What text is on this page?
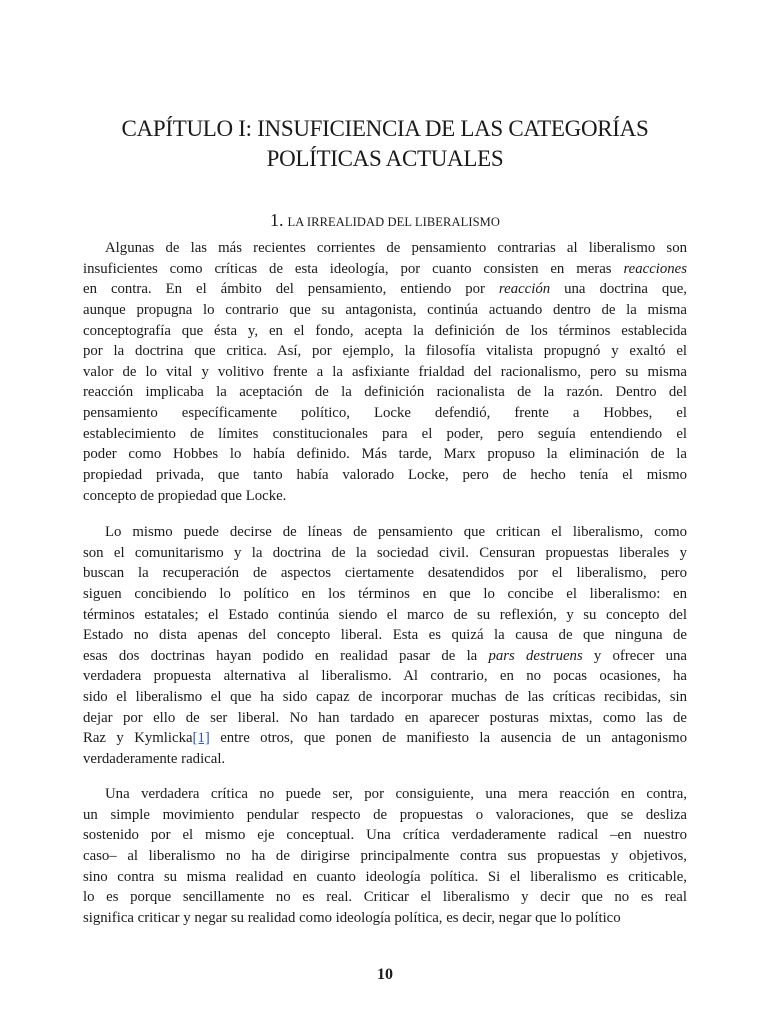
CAPÍTULO I: INSUFICIENCIA DE LAS CATEGORÍAS
POLÍTICAS ACTUALES
1. LA IRREALIDAD DEL LIBERALISMO
Algunas de las más recientes corrientes de pensamiento contrarias al liberalismo son
insuficientes como críticas de esta ideología, por cuanto consisten en meras reacciones
en contra. En el ámbito del pensamiento, entiendo por reacción una doctrina que,
aunque propugna lo contrario que su antagonista, continúa actuando dentro de la misma
conceptografía que ésta y, en el fondo, acepta la definición de los términos establecida
por la doctrina que critica. Así, por ejemplo, la filosofía vitalista propugnó y exaltó el
valor de lo vital y volitivo frente a la asfixiante frialdad del racionalismo, pero su misma
reacción implicaba la aceptación de la definición racionalista de la razón. Dentro del
pensamiento específicamente político, Locke defendió, frente a Hobbes, el
establecimiento de límites constitucionales para el poder, pero seguía entendiendo el
poder como Hobbes lo había definido. Más tarde, Marx propuso la eliminación de la
propiedad privada, que tanto había valorado Locke, pero de hecho tenía el mismo
concepto de propiedad que Locke.
Lo mismo puede decirse de líneas de pensamiento que critican el liberalismo, como
son el comunitarismo y la doctrina de la sociedad civil. Censuran propuestas liberales y
buscan la recuperación de aspectos ciertamente desatendidos por el liberalismo, pero
siguen concibiendo lo político en los términos en que lo concibe el liberalismo: en
términos estatales; el Estado continúa siendo el marco de su reflexión, y su concepto del
Estado no dista apenas del concepto liberal. Esta es quizá la causa de que ninguna de
esas dos doctrinas hayan podido en realidad pasar de la pars destruens y ofrecer una
verdadera propuesta alternativa al liberalismo. Al contrario, en no pocas ocasiones, ha
sido el liberalismo el que ha sido capaz de incorporar muchas de las críticas recibidas, sin
dejar por ello de ser liberal. No han tardado en aparecer posturas mixtas, como las de
Raz y Kymlicka[1] entre otros, que ponen de manifiesto la ausencia de un antagonismo
verdaderamente radical.
Una verdadera crítica no puede ser, por consiguiente, una mera reacción en contra,
un simple movimiento pendular respecto de propuestas o valoraciones, que se desliza
sostenido por el mismo eje conceptual. Una crítica verdaderamente radical –en nuestro
caso– al liberalismo no ha de dirigirse principalmente contra sus propuestas y objetivos,
sino contra su misma realidad en cuanto ideología política. Si el liberalismo es criticable,
lo es porque sencillamente no es real. Criticar el liberalismo y decir que no es real
significa criticar y negar su realidad como ideología política, es decir, negar que lo político
10
